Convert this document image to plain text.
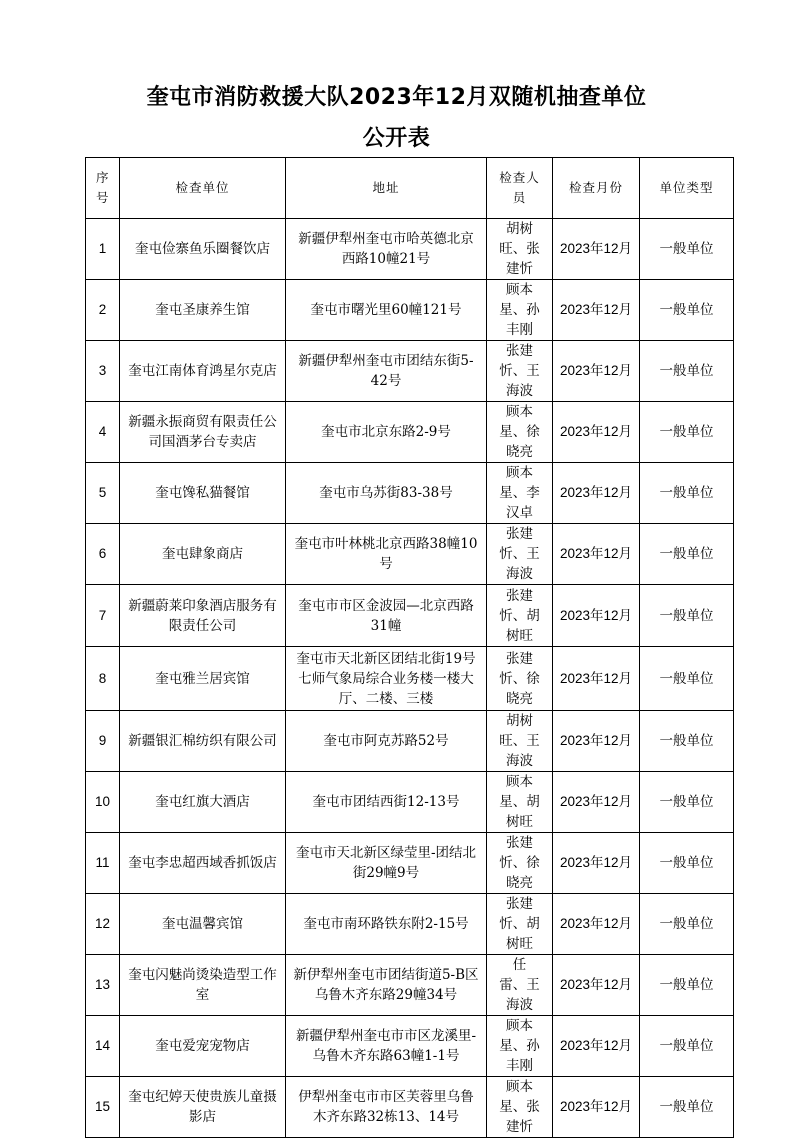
奎屯市消防救援大队2023年12月双随机抽查单位
公开表
序号	检查单位	地址	检查人员	检查月份	单位类型
1	奎屯俭寨鱼乐圈餐饮店	新疆伊犁州奎屯市哈英德北京西路10幢21号	胡树旺、张建忻	2023年12月	一般单位
2	奎屯圣康养生馆	奎屯市曙光里60幢121号	顾本星、孙丰刚	2023年12月	一般单位
3	奎屯江南体育鸿星尔克店	新疆伊犁州奎屯市团结东街5-42号	张建忻、王海波	2023年12月	一般单位
4	新疆永振商贸有限责任公司国酒茅台专卖店	奎屯市北京东路2-9号	顾本星、徐晓亮	2023年12月	一般单位
5	奎屯馋私猫餐馆	奎屯市乌苏街83-38号	顾本星、李汉卓	2023年12月	一般单位
6	奎屯肆象商店	奎屯市叶林桃北京西路38幢10号	张建忻、王海波	2023年12月	一般单位
7	新疆蔚莱印象酒店服务有限责任公司	奎屯市市区金波园—北京西路31幢	张建忻、胡树旺	2023年12月	一般单位
8	奎屯雅兰居宾馆	奎屯市天北新区团结北街19号七师气象局综合业务楼一楼大厅、二楼、三楼	张建忻、徐晓亮	2023年12月	一般单位
9	新疆银汇棉纺织有限公司	奎屯市阿克苏路52号	胡树旺、王海波	2023年12月	一般单位
10	奎屯红旗大酒店	奎屯市团结西街12-13号	顾本星、胡树旺	2023年12月	一般单位
11	奎屯李忠超西域香抓饭店	奎屯市天北新区绿莹里-团结北街29幢9号	张建忻、徐晓亮	2023年12月	一般单位
12	奎屯温馨宾馆	奎屯市南环路铁东附2-15号	张建忻、胡树旺	2023年12月	一般单位
13	奎屯闪魅尚烫染造型工作室	新伊犁州奎屯市团结街道5-B区乌鲁木齐东路29幢34号	任　雷、王海波	2023年12月	一般单位
14	奎屯爱宠宠物店	新疆伊犁州奎屯市市区龙溪里-乌鲁木齐东路63幢1-1号	顾本星、孙丰刚	2023年12月	一般单位
15	奎屯纪婷天使贵族儿童摄影店	伊犁州奎屯市市区芙蓉里乌鲁木齐东路32栋13、14号	顾本星、张建忻	2023年12月	一般单位
